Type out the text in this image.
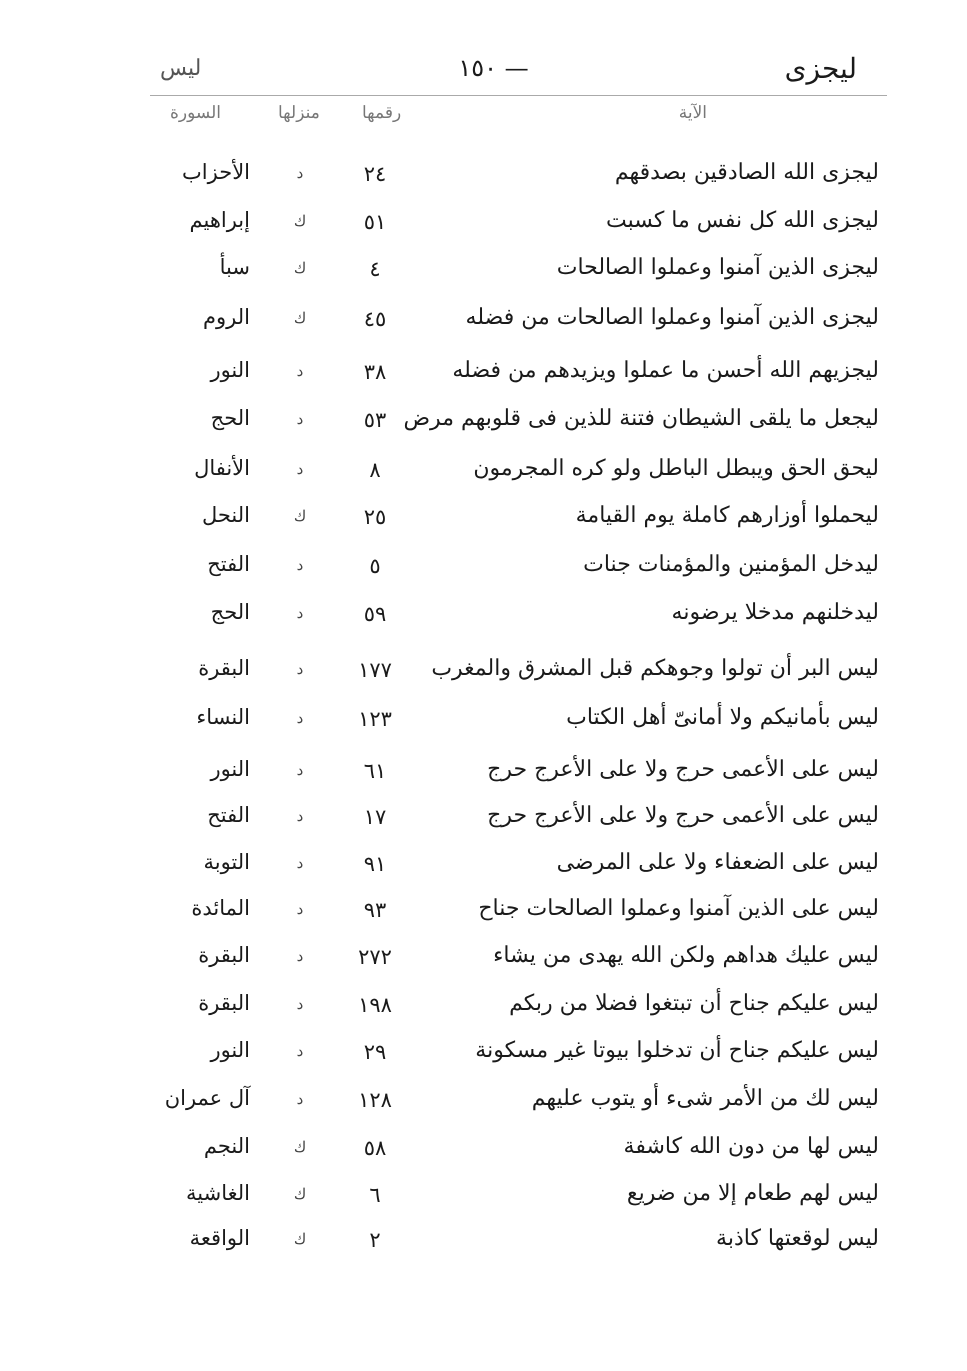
ليجزى
١٥٠ —
ليس
الآية
رقمها
منزلها
السورة
ليجزى الله الصادقين بصدقهم
٢٤
د
الأحزاب
ليجزى الله كل نفس ما كسبت
٥١
ك
إبراهيم
ليجزى الذين آمنوا وعملوا الصالحات
٤
ك
سبأ
ليجزى الذين آمنوا وعملوا الصالحات من فضله
٤٥
ك
الروم
ليجزيهم الله أحسن ما عملوا ويزيدهم من فضله
٣٨
د
النور
ليجعل ما يلقى الشيطان فتنة للذين فى قلوبهم مرض
٥٣
د
الحج
ليحق الحق ويبطل الباطل ولو كره المجرمون
٨
د
الأنفال
ليحملوا أوزارهم كاملة يوم القيامة
٢٥
ك
النحل
ليدخل المؤمنين والمؤمنات جنات
٥
د
الفتح
ليدخلنهم مدخلا يرضونه
٥٩
د
الحج
ليس البر أن تولوا وجوهكم قبل المشرق والمغرب
١٧٧
د
البقرة
ليس بأمانيكم ولا أمانىّ أهل الكتاب
١٢٣
د
النساء
ليس على الأعمى حرج ولا على الأعرج حرج
٦١
د
النور
ليس على الأعمى حرج ولا على الأعرج حرج
١٧
د
الفتح
ليس على الضعفاء ولا على المرضى
٩١
د
التوبة
ليس على الذين آمنوا وعملوا الصالحات جناح
٩٣
د
المائدة
ليس عليك هداهم ولكن الله يهدى من يشاء
٢٧٢
د
البقرة
ليس عليكم جناح أن تبتغوا فضلا من ربكم
١٩٨
د
البقرة
ليس عليكم جناح أن تدخلوا بيوتا غير مسكونة
٢٩
د
النور
ليس لك من الأمر شىء أو يتوب عليهم
١٢٨
د
آل عمران
ليس لها من دون الله كاشفة
٥٨
ك
النجم
ليس لهم طعام إلا من ضريع
٦
ك
الغاشية
ليس لوقعتها كاذبة
٢
ك
الواقعة
